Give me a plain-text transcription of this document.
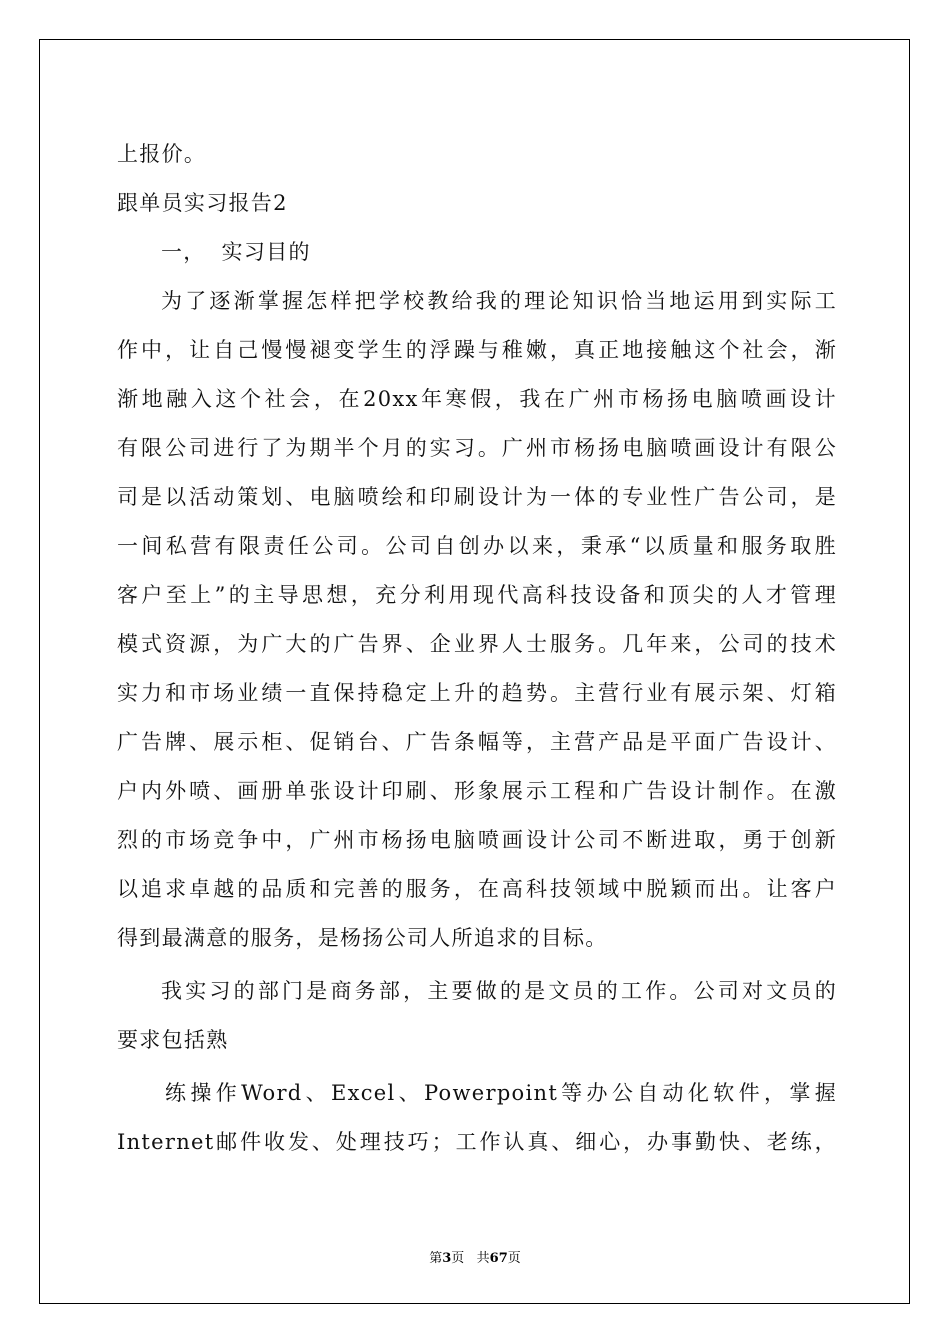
上报价。

跟单员实习报告2

一，  实习目的

为了逐渐掌握怎样把学校教给我的理论知识恰当地运用到实际工

作中，让自己慢慢褪变学生的浮躁与稚嫩，真正地接触这个社会，渐

渐地融入这个社会，在20xx年寒假，我在广州市杨扬电脑喷画设计

有限公司进行了为期半个月的实习。广州市杨扬电脑喷画设计有限公

司是以活动策划、电脑喷绘和印刷设计为一体的专业性广告公司，是

一间私营有限责任公司。公司自创办以来，秉承“以质量和服务取胜

客户至上”的主导思想，充分利用现代高科技设备和顶尖的人才管理

模式资源，为广大的广告界、企业界人士服务。几年来，公司的技术

实力和市场业绩一直保持稳定上升的趋势。主营行业有展示架、灯箱

广告牌、展示柜、促销台、广告条幅等，主营产品是平面广告设计、

户内外喷、画册单张设计印刷、形象展示工程和广告设计制作。在激

烈的市场竞争中，广州市杨扬电脑喷画设计公司不断进取，勇于创新

以追求卓越的品质和完善的服务，在高科技领域中脱颖而出。让客户

得到最满意的服务，是杨扬公司人所追求的目标。

我实习的部门是商务部，主要做的是文员的工作。公司对文员的

要求包括熟

练操作Word、Excel、Powerpoint等办公自动化软件，掌握

Internet邮件收发、处理技巧；工作认真、细心，办事勤快、老练，

第3页   共67页
